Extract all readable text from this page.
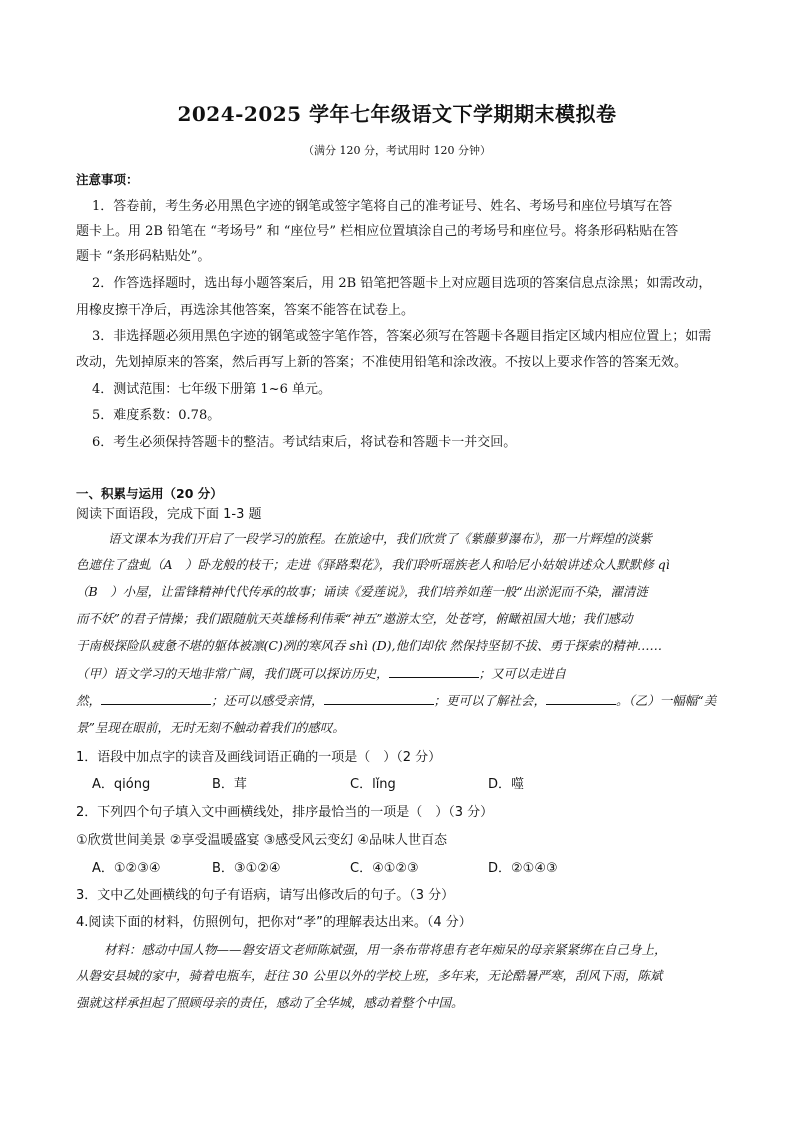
2024-2025 学年七年级语文下学期期末模拟卷
（满分 120 分，考试用时 120 分钟）
注意事项：
1．答卷前，考生务必用黑色字迹的钢笔或签字笔将自己的准考证号、姓名、考场号和座位号填写在答
题卡上。用 2B 铅笔在 “考场号” 和 “座位号” 栏相应位置填涂自己的考场号和座位号。将条形码粘贴在答
题卡 “条形码粘贴处”。
2．作答选择题时，选出每小题答案后，用 2B 铅笔把答题卡上对应题目选项的答案信息点涂黑；如需改动，
用橡皮擦干净后，再选涂其他答案，答案不能答在试卷上。
3．非选择题必须用黑色字迹的钢笔或签字笔作答，答案必须写在答题卡各题目指定区域内相应位置上；如需
改动，先划掉原来的答案，然后再写上新的答案；不准使用铅笔和涂改液。不按以上要求作答的答案无效。
4．测试范围：七年级下册第 1~6 单元。
5．难度系数：0.78。
6．考生必须保持答题卡的整洁。考试结束后，将试卷和答题卡一并交回。
一、积累与运用（20 分）
阅读下面语段，完成下面 1-3 题
语文课本为我们开启了一段学习的旅程。在旅途中，我们欣赏了《紫藤萝瀑布》，那一片辉煌的淡紫
色遮住了盘虬（A　）卧龙般的枝干；走进《驿路梨花》，我们聆听瑶族老人和哈尼小姑娘讲述众人默默修 qì
（B　）小屋，让雷锋精神代代传承的故事；诵读《爱莲说》，我们培养如莲一般“出淤泥而不染，濯清涟
而不妖”的君子情操；我们跟随航天英雄杨利伟乘“神五”遨游太空，处苍穹，俯瞰祖国大地；我们感动
于南极探险队疲惫不堪的躯体被凛(C)冽的寒风吞 shì (D),他们却依 然保持坚韧不拔、勇于探索的精神……
（甲）语文学习的天地非常广阔，我们既可以探访历史，	；又可以走进自
然，	；还可以感受亲情，	；更可以了解社会，	。（乙）一幅幅“美
景”呈现在眼前，无时无刻不触动着我们的感叹。
1．语段中加点字的读音及画线词语正确的一项是（　）（2 分）
A．qióng	B．茸	C．lǐng	D．噬
2．下列四个句子填入文中画横线处，排序最恰当的一项是（　）（3 分）
①欣赏世间美景 ②享受温暖盛宴 ③感受风云变幻 ④品味人世百态
A．①②③④	B．③①②④	C．④①②③	D．②①④③
3．文中乙处画横线的句子有语病，请写出修改后的句子。（3 分）
4.阅读下面的材料，仿照例句，把你对“孝”的理解表达出来。（4 分）
材料：感动中国人物——磐安语文老师陈斌强，用一条布带将患有老年痴呆的母亲紧紧绑在自己身上，
从磐安县城的家中，骑着电瓶车，赶往 30 公里以外的学校上班，多年来，无论酷暑严寒，刮风下雨，陈斌
强就这样承担起了照顾母亲的责任，感动了全华城，感动着整个中国。
